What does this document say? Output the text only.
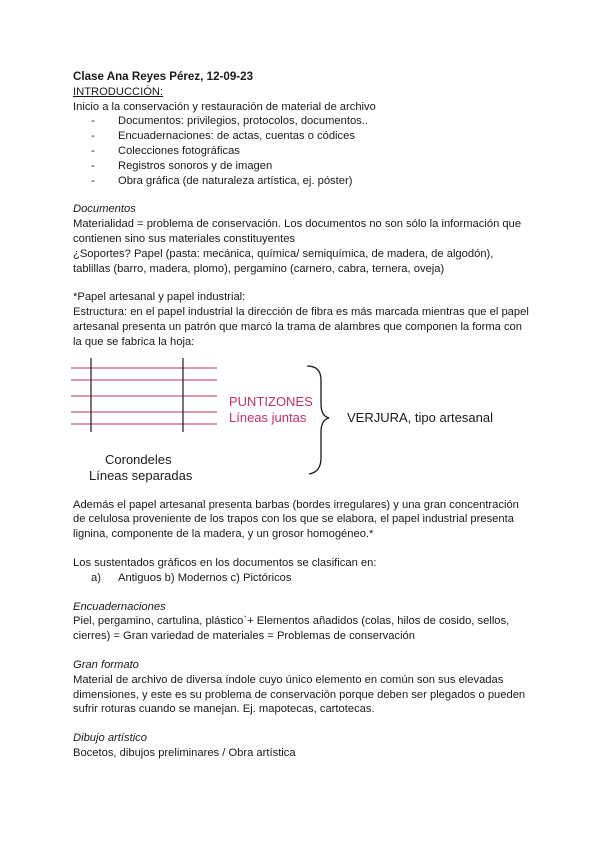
Clase Ana Reyes Pérez, 12-09-23
INTRODUCCIÓN:
Inicio a la conservación y restauración de material de archivo
- Documentos: privilegios, protocolos, documentos..
- Encuadernaciones: de actas, cuentas o códices
- Colecciones fotográficas
- Registros sonoros y de imagen
- Obra gráfica (de naturaleza artística, ej. póster)
Documentos
Materialidad = problema de conservación. Los documentos no son sólo la información que contienen sino sus materiales constituyentes
¿Soportes? Papel (pasta: mecánica, química/ semiquímica, de madera, de algodón), tablillas (barro, madera, plomo), pergamino (carnero, cabra, ternera, oveja)
*Papel artesanal y papel industrial:
Estructura: en el papel industrial la dirección de fibra es más marcada mientras que el papel artesanal presenta un patrón que marcó la trama de alambres que componen la forma con la que se fabrica la hoja:
PUNTIZONES
Líneas juntas	VERJURA, tipo artesanal
Corondeles
Líneas separadas
Además el papel artesanal presenta barbas (bordes irregulares) y una gran concentración de celulosa proveniente de los trapos con los que se elabora, el papel industrial presenta lignina, componente de la madera, y un grosor homogéneo.*
Los sustentados gráficos en los documentos se clasifican en:
a) Antiguos b) Modernos c) Pictóricos
Encuadernaciones
Piel, pergamino, cartulina, plástico`+ Elementos añadidos (colas, hilos de cosido, sellos, cierres) = Gran variedad de materiales = Problemas de conservación
Gran formato
Material de archivo de diversa índole cuyo único elemento en común son sus elevadas dimensiones, y este es su problema de conservación porque deben ser plegados o pueden sufrir roturas cuando se manejan. Ej. mapotecas, cartotecas.
Dibujo artístico
Bocetos, dibujos preliminares / Obra artística
